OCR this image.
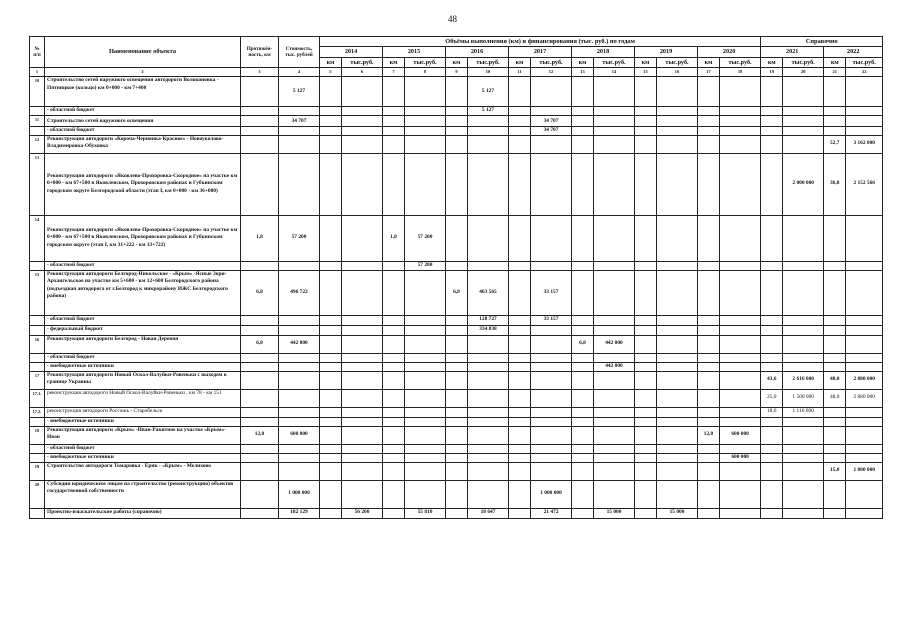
48
№ п/п	Наименование объекта	Протяжён-ность, км	Стоимость, тыс. рублей	Объёмы выполнения (км) и финансирования (тыс. руб.) по годам														Справочно			
				2014		2015		2016		2017		2018		2019		2020		2021		2022	
				км	тыс.руб.	км	тыс.руб.	км	тыс.руб.	км	тыс.руб.	км	тыс.руб.	км	тыс.руб.	км	тыс.руб.	км	тыс.руб.	км	тыс.руб.
1	2	3	4	5	6	7	8	9	10	11	12	13	14	15	16	17	18	19	20	21	22
10	Строительство сетей наружного освещения автодороги Волоконовка - Пятницкое (кольцо) км 0+000 - км 7+400		5 127						5 127												
	- областной бюджет								5 127												
11	Строительство сетей наружного освещения		34 707								34 707										
	- областной бюджет										34 707										
12	Реконструкция автодороги «Короча-Чернянка-Красное» - Новоуколово-Владимировка-Обуховка																			52,7	3 162 000
13	Реконструкция автодороги «Яковлево-Прохоровка-Скородное» на участке км 0+000 - км 67+500 в Яковлевском, Прохоровском районах и Губкинском городском округе Белгородской области (этап I, км 0+000 - км 36+800)																		2 000 000	36,8	2 152 566
14	Реконструкция автодороги «Яковлево-Прохоровка-Скородное» на участке км 0+000 - км 67+500 в Яковлевском, Прохоровском районах и Губкинском городском округе (этап I, км 31+222 - км 33+722)	1,8	57 200			1,8	57 200														
	- областной бюджет						57 200														
15	Реконструкция автодороги Белгород-Никольское - «Крым» -Ясные Зори-Архангельское на участке км 5+600 - км 12+600 Белгородского района (подъездная автодорога от г.Белгород к микрорайону ИЖС Белгородского района)	6,8	496 722					6,8	463 565		33 157										
	- областной бюджет								128 727		33 157										
	- федеральный бюджет								334 838												
16	Реконструкция автодороги Белгород - Новая Деревня	6,8	442 000									6,8	442 000								
	- областной бюджет																				
	- внебюджетные источники												442 000								
17	Реконструкция автодороги Новый Оскол-Валуйки-Ровеньки с выходом к границе Украины																	43,6	2 616 000	48,0	2 880 000
17.1.	реконструкция автодороги Новый Оскол-Валуйки-Ровеньки , км 78 - км 151																	25,0	1 500 000	48,0	2 880 000
17.2.	реконструкция автодороги Россошь - Старобельск																	18,6	1 116 000		
	- внебюджетные источники																				
18	Реконструкция автодороги «Крым» -Иван-Ракитное на участке «Крым»-Иван	12,0	600 000													12,0	600 000				
	- областной бюджет																				
	- внебюджетные источники																600 000				
19	Строительство автодороги Томаровка - Ерик - «Крым» - Мелихово																			15,0	1 800 000
20	Субсидии юридическим лицам на строительство (реконструкцию) объектов государственной собственности		1 000 000								1 000 000										
	Проектно-изыскательские работы (справочно)		182 129		56 200		55 810		18 647		21 472		15 000		15 000						
